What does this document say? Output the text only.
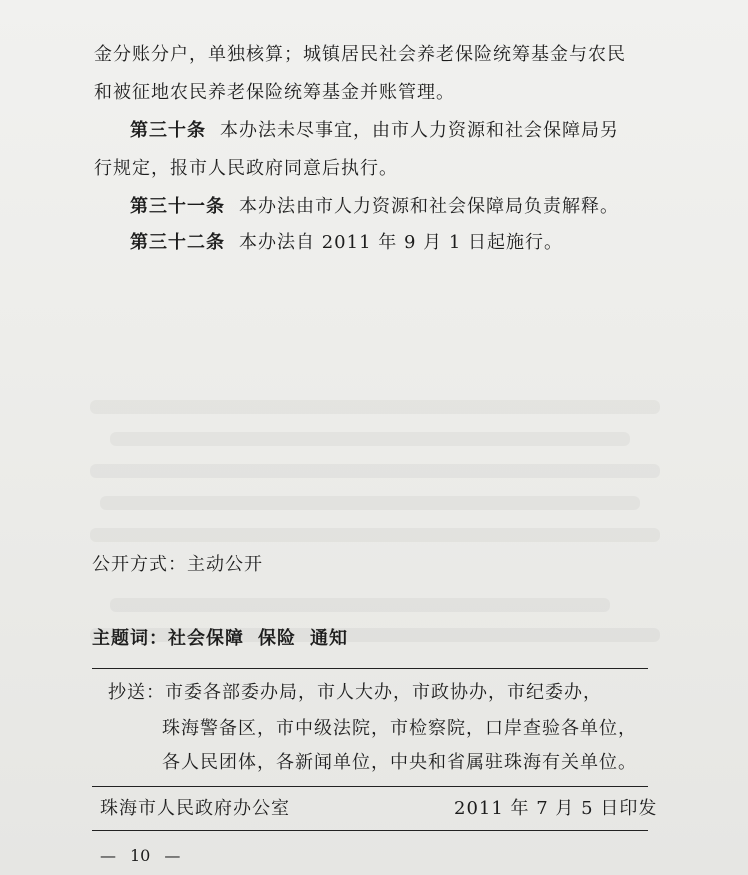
金分账分户，单独核算；城镇居民社会养老保险统筹基金与农民
和被征地农民养老保险统筹基金并账管理。
第三十条 本办法未尽事宜，由市人力资源和社会保障局另
行规定，报市人民政府同意后执行。
第三十一条 本办法由市人力资源和社会保障局负责解释。
第三十二条 本办法自 2011 年 9 月 1 日起施行。
公开方式：主动公开
主题词：社会保障 保险 通知
抄送：市委各部委办局，市人大办，市政协办，市纪委办，
珠海警备区，市中级法院，市检察院，口岸查验各单位，
各人民团体，各新闻单位，中央和省属驻珠海有关单位。
珠海市人民政府办公室	2011 年 7 月 5 日印发
— 10 —
